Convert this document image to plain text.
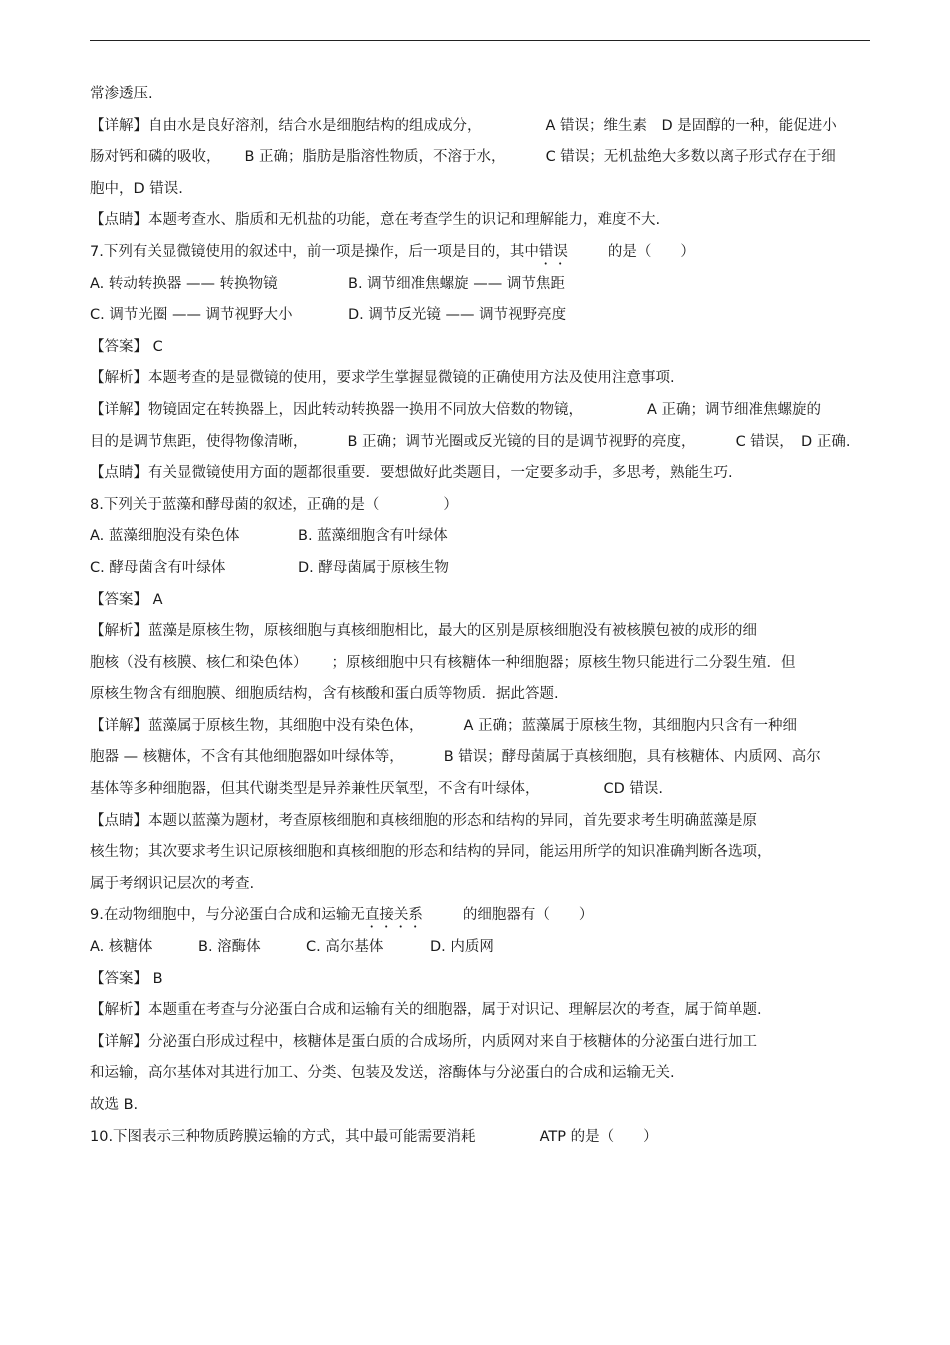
常渗透压.
【详解】自由水是良好溶剂，结合水是细胞结构的组成成分，	A 错误；维生素　D 是固醇的一种，能促进小
肠对钙和磷的吸收， B 正确；脂肪是脂溶性物质，不溶于水，	C 错误；无机盐绝大多数以离子形式存在于细
胞中，D 错误.
【点睛】本题考查水、脂质和无机盐的功能，意在考查学生的识记和理解能力，难度不大.
7.下列有关显微镜使用的叙述中，前一项是操作，后一项是目的，其中错误	的是（　　）
A. 转动转换器 —— 转换物镜	B. 调节细准焦螺旋 —— 调节焦距
C. 调节光圈 —— 调节视野大小	D. 调节反光镜 —— 调节视野亮度
【答案】 C
【解析】本题考查的是显微镜的使用，要求学生掌握显微镜的正确使用方法及使用注意事项.
【详解】物镜固定在转换器上，因此转动转换器一换用不同放大倍数的物镜，	A 正确；调节细准焦螺旋的
目的是调节焦距，使得物像清晰，	B 正确；调节光圈或反光镜的目的是调节视野的亮度，	C 错误，　D 正确.
【点睛】有关显微镜使用方面的题都很重要．要想做好此类题目，一定要多动手，多思考，熟能生巧.
8.下列关于蓝藻和酵母菌的叙述，正确的是（	）
A. 蓝藻细胞没有染色体	B. 蓝藻细胞含有叶绿体
C. 酵母菌含有叶绿体	D. 酵母菌属于原核生物
【答案】 A
【解析】蓝藻是原核生物，原核细胞与真核细胞相比，最大的区别是原核细胞没有被核膜包被的成形的细
胞核（没有核膜、核仁和染色体） ；原核细胞中只有核糖体一种细胞器；原核生物只能进行二分裂生殖．但
原核生物含有细胞膜、细胞质结构，含有核酸和蛋白质等物质．据此答题.
【详解】蓝藻属于原核生物，其细胞中没有染色体，	A 正确；蓝藻属于原核生物，其细胞内只含有一种细
胞器 — 核糖体，不含有其他细胞器如叶绿体等，	B 错误；酵母菌属于真核细胞，具有核糖体、内质网、高尔
基体等多种细胞器，但其代谢类型是异养兼性厌氧型，不含有叶绿体，	CD 错误.
【点睛】本题以蓝藻为题材，考查原核细胞和真核细胞的形态和结构的异同，首先要求考生明确蓝藻是原
核生物；其次要求考生识记原核细胞和真核细胞的形态和结构的异同，能运用所学的知识准确判断各选项，
属于考纲识记层次的考查.
9.在动物细胞中，与分泌蛋白合成和运输无直接关系	的细胞器有（　　）
A. 核糖体	B. 溶酶体	C. 高尔基体	D. 内质网
【答案】 B
【解析】本题重在考查与分泌蛋白合成和运输有关的细胞器，属于对识记、理解层次的考查，属于简单题.
【详解】分泌蛋白形成过程中，核糖体是蛋白质的合成场所，内质网对来自于核糖体的分泌蛋白进行加工
和运输，高尔基体对其进行加工、分类、包装及发送，溶酶体与分泌蛋白的合成和运输无关.
故选 B.
10.下图表示三种物质跨膜运输的方式，其中最可能需要消耗	ATP 的是（　　）
